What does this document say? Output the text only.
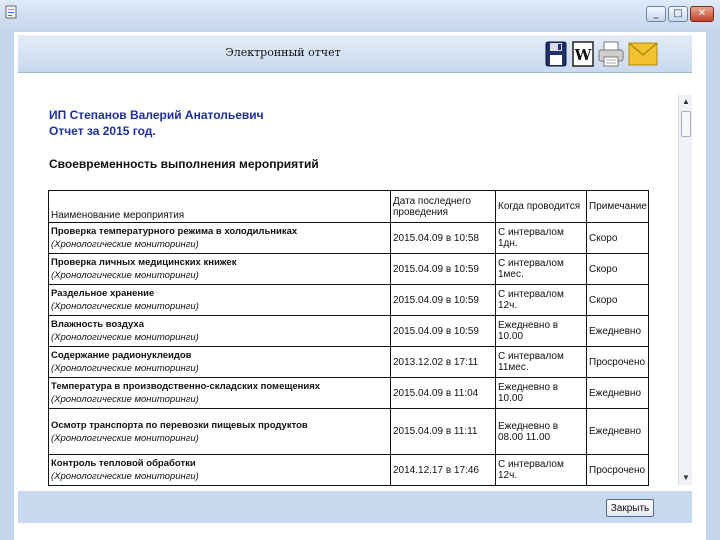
_	□	✕
Электронный отчет	W
ИП Степанов Валерий Анатольевич
Отчет за 2015 год.
Своевременность выполнения мероприятий
Наименование мероприятия	Дата последнего проведения	Когда проводится	Примечание

Проверка температурного режима в холодильниках
(Хронологические мониторинги)	2015.04.09 в 10:58	С интервалом 1дн.	Скоро

Проверка личных медицинских книжек
(Хронологические мониторинги)	2015.04.09 в 10:59	С интервалом 1мес.	Скоро

Раздельное хранение
(Хронологические мониторинги)	2015.04.09 в 10:59	С интервалом 12ч.	Скоро

Влажность воздуха
(Хронологические мониторинги)	2015.04.09 в 10:59	Ежедневно в 10.00	Ежедневно

Содержание радионуклеидов
(Хронологические мониторинги)	2013.12.02 в 17:11	С интервалом 11мес.	Просрочено

Температура в производственно-складских помещениях
(Хронологические мониторинги)	2015.04.09 в 11:04	Ежедневно в 10.00	Ежедневно

Осмотр транспорта по перевозки пищевых продуктов
(Хронологические мониторинги)	2015.04.09 в 11:11	Ежедневно в 08.00 11.00	Ежедневно

Контроль тепловой обработки
(Хронологические мониторинги)	2014.12.17 в 17:46	С интервалом 12ч.	Просрочено
▲
▼
Закрыть
